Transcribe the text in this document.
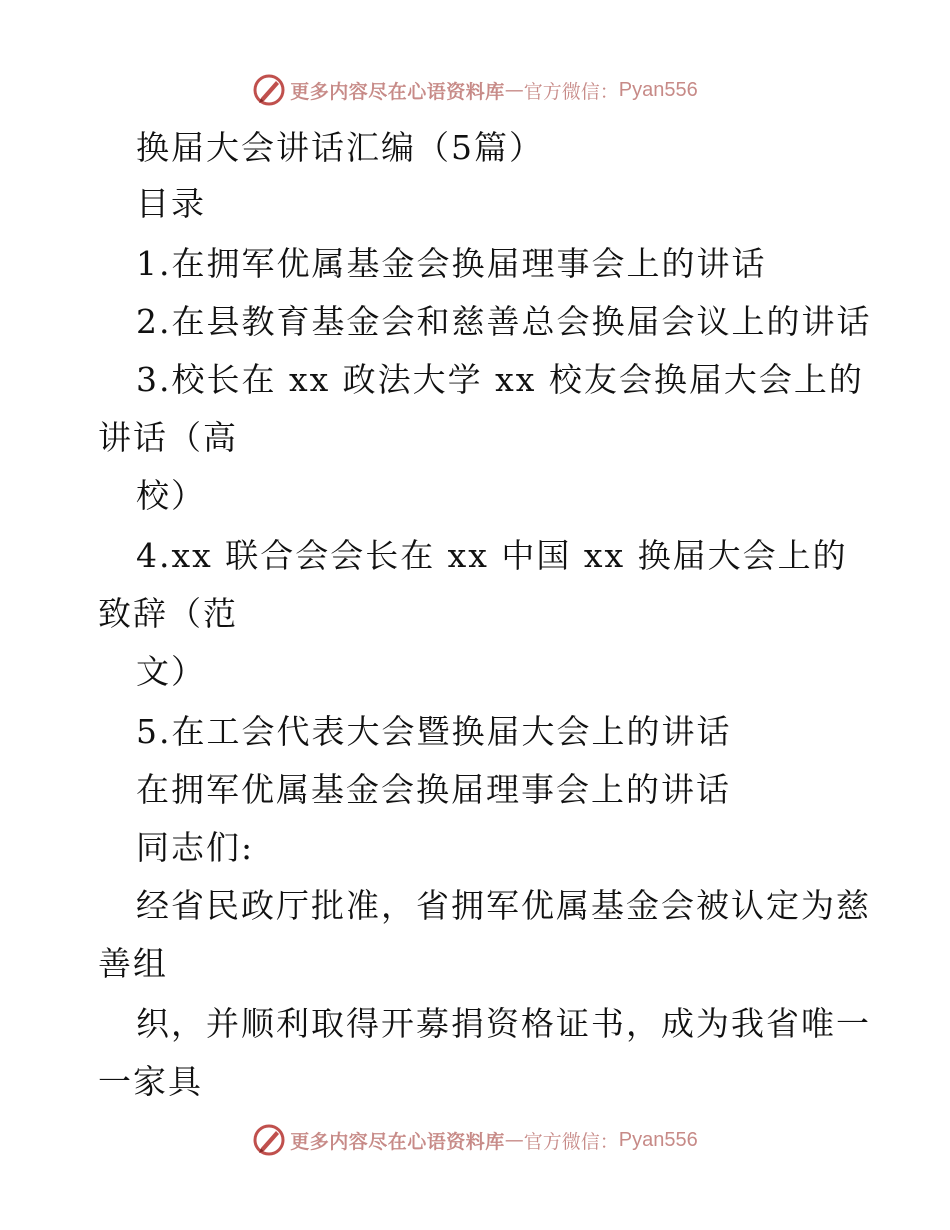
更多内容尽在心语资料库 — 官方微信： Pyan556
换届大会讲话汇编（5篇）
目录
1.在拥军优属基金会换届理事会上的讲话
2.在县教育基金会和慈善总会换届会议上的讲话
3.校长在 xx 政法大学 xx 校友会换届大会上的
讲话（高
校）
4.xx 联合会会长在 xx 中国 xx 换届大会上的
致辞（范
文）
5.在工会代表大会暨换届大会上的讲话
在拥军优属基金会换届理事会上的讲话
同志们:
经省民政厅批准，省拥军优属基金会被认定为慈
善组
织，并顺利取得开募捐资格证书，成为我省唯一
一家具
更多内容尽在心语资料库 — 官方微信： Pyan556
